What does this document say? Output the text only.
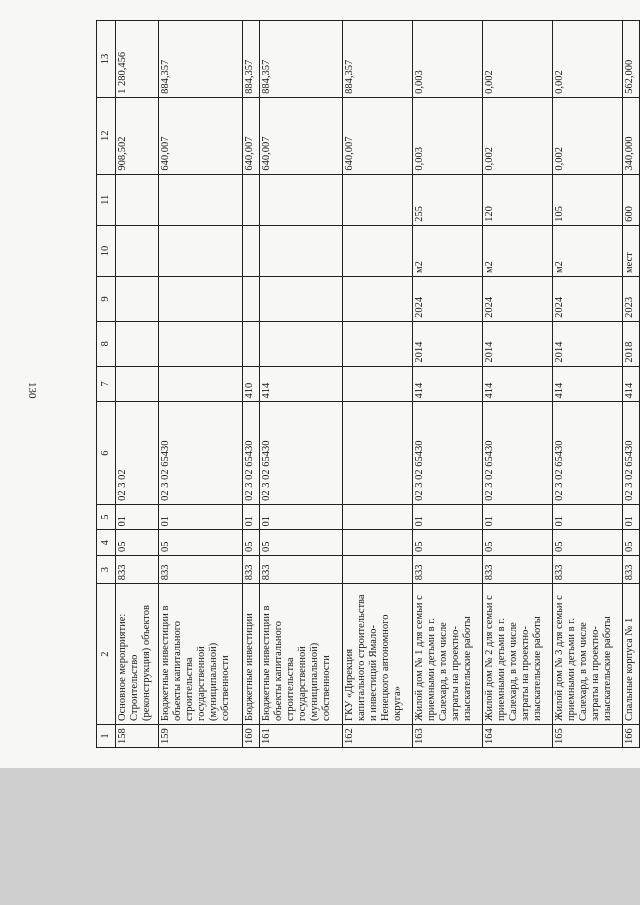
130
1	2	3	4	5	6	7	8	9	10	11	12	13
158	Основное мероприятие: Строительство (реконструкция) объектов	833	05	01	02 3 02						908,502	1 280,456
159	Бюджетные инвестиции в объекты капитального строительства государственной (муниципальной) собственности	833	05	01	02 3 02 65430						640,007	884,357
160	Бюджетные инвестиции	833	05	01	02 3 02 65430	410					640,007	884,357
161	Бюджетные инвестиции в объекты капитального строительства государственной (муниципальной) собственности	833	05	01	02 3 02 65430	414					640,007	884,357
162	ГКУ «Дирекция капитального строительства и инвестиций Ямало-Ненецкого автономного округа»										640,007	884,357
163	Жилой дом № 1 для семьи с приемными детьми в г. Салехард, в том числе затраты на проектно-изыскательские работы	833	05	01	02 3 02 65430	414	2014	2024	м2	255	0,003	0,003
164	Жилой дом № 2 для семьи с приемными детьми в г. Салехард, в том числе затраты на проектно-изыскательские работы	833	05	01	02 3 02 65430	414	2014	2024	м2	120	0,002	0,002
165	Жилой дом № 3 для семьи с приемными детьми в г. Салехард, в том числе затраты на проектно-изыскательские работы	833	05	01	02 3 02 65430	414	2014	2024	м2	105	0,002	0,002
166	Спальные корпуса № 1	833	05	01	02 3 02 65430	414	2018	2023	мест	600	340,000	562,000
